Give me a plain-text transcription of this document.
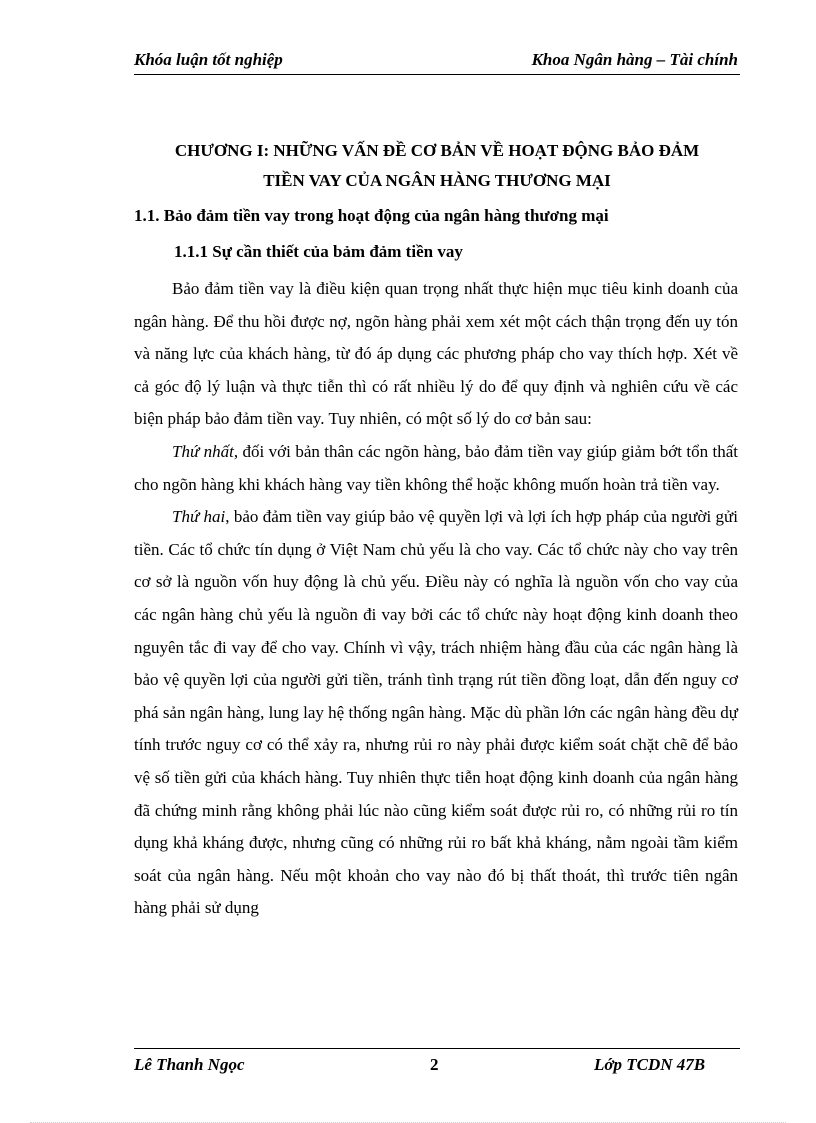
Khóa luận tốt nghiệp	Khoa Ngân hàng – Tài chính
CHƯƠNG I: NHỮNG VẤN ĐỀ CƠ BẢN VỀ HOẠT ĐỘNG BẢO ĐẢM
TIỀN VAY CỦA NGÂN HÀNG THƯƠNG MẠI
1.1. Bảo đảm tiền vay trong hoạt động của ngân hàng thương mại
1.1.1 Sự cần thiết của bảm đảm tiền vay

Bảo đảm tiền vay là điều kiện quan trọng nhất thực hiện mục tiêu kinh doanh của ngân hàng. Để thu hồi được nợ, ngõn hàng phải xem xét một cách thận trọng đến uy tón và năng lực của khách hàng, từ đó áp dụng các phương pháp cho vay thích hợp. Xét về cả góc độ lý luận và thực tiễn thì có rất nhiều lý do để quy định và nghiên cứu về các biện pháp bảo đảm tiền vay. Tuy nhiên, có một số lý do cơ bản sau:

Thứ nhất, đối với bản thân các ngõn hàng, bảo đảm tiền vay giúp giảm bớt tổn thất cho ngõn hàng khi khách hàng vay tiền không thể hoặc không muốn hoàn trả tiền vay.

Thứ hai, bảo đảm tiền vay giúp bảo vệ quyền lợi và lợi ích hợp pháp của người gửi tiền. Các tổ chức tín dụng ở Việt Nam chủ yếu là cho vay. Các tổ chức này cho vay trên cơ sở là nguồn vốn huy động là chủ yếu. Điều này có nghĩa là nguồn vốn cho vay của các ngân hàng chủ yếu là nguồn đi vay bởi các tổ chức này hoạt động kinh doanh theo nguyên tắc đi vay để cho vay. Chính vì vậy, trách nhiệm hàng đầu của các ngân hàng là bảo vệ quyền lợi của người gửi tiền, tránh tình trạng rút tiền đồng loạt, dẫn đến nguy cơ phá sản ngân hàng, lung lay hệ thống ngân hàng. Mặc dù phần lớn các ngân hàng đều dự tính trước nguy cơ có thể xảy ra, nhưng rủi ro này phải được kiểm soát chặt chẽ để bảo vệ số tiền gửi của khách hàng. Tuy nhiên thực tiễn hoạt động kinh doanh của ngân hàng đã chứng minh rằng không phải lúc nào cũng kiểm soát được rủi ro, có những rủi ro tín dụng khả kháng được, nhưng cũng có những rủi ro bất khả kháng, nằm ngoài tầm kiểm soát của ngân hàng. Nếu một khoản cho vay nào đó bị thất thoát, thì trước tiên ngân hàng phải sử dụng

Lê Thanh Ngọc	2	Lớp TCDN 47B
